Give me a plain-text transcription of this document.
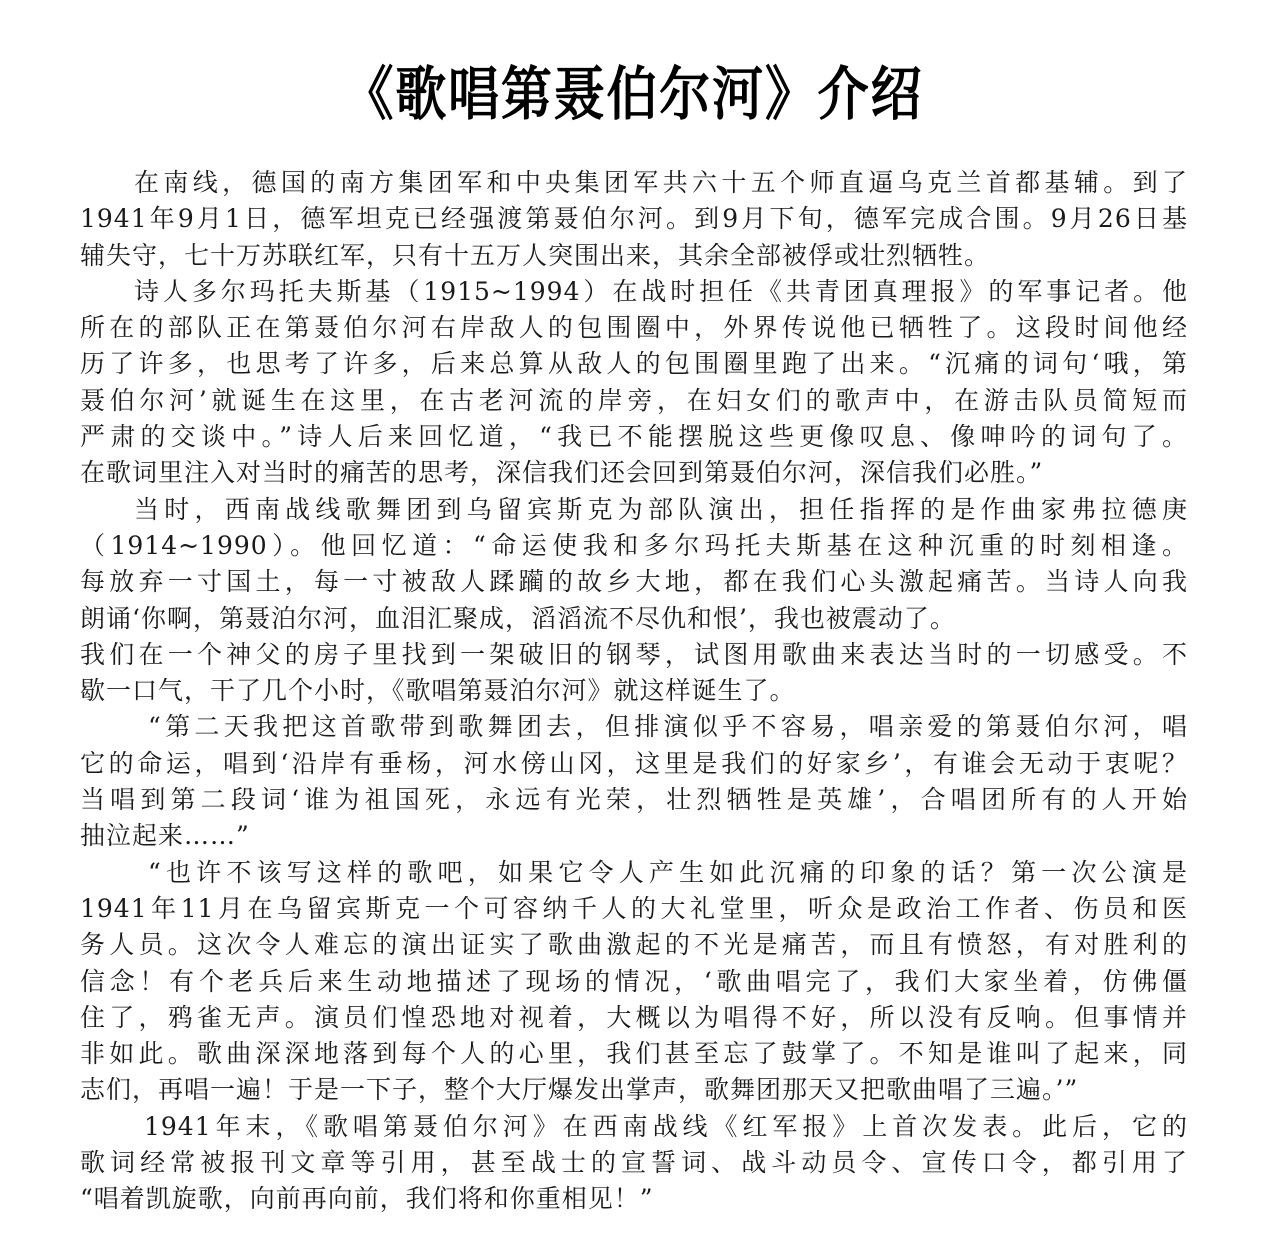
《歌唱第聂伯尔河》介绍
在南线，德国的南方集团军和中央集团军共六十五个师直逼乌克兰首都基辅。到了
1941年9月1日，德军坦克已经强渡第聂伯尔河。到9月下旬，德军完成合围。9月26日基
辅失守，七十万苏联红军，只有十五万人突围出来，其余全部被俘或壮烈牺牲。
诗人多尔玛托夫斯基（1915~1994）在战时担任《共青团真理报》的军事记者。他
所在的部队正在第聂伯尔河右岸敌人的包围圈中，外界传说他已牺牲了。这段时间他经
历了许多，也思考了许多，后来总算从敌人的包围圈里跑了出来。“沉痛的词句‘哦，第
聂伯尔河’就诞生在这里，在古老河流的岸旁，在妇女们的歌声中，在游击队员简短而
严肃的交谈中。”诗人后来回忆道，“我已不能摆脱这些更像叹息、像呻吟的词句了。
在歌词里注入对当时的痛苦的思考，深信我们还会回到第聂伯尔河，深信我们必胜。”
当时，西南战线歌舞团到乌留宾斯克为部队演出，担任指挥的是作曲家弗拉德庚
（1914~1990）。他回忆道：“命运使我和多尔玛托夫斯基在这种沉重的时刻相逢。
每放弃一寸国土，每一寸被敌人蹂躏的故乡大地，都在我们心头激起痛苦。当诗人向我
朗诵‘你啊，第聂泊尔河，血泪汇聚成，滔滔流不尽仇和恨’，我也被震动了。
我们在一个神父的房子里找到一架破旧的钢琴，试图用歌曲来表达当时的一切感受。不
歇一口气，干了几个小时，《歌唱第聂泊尔河》就这样诞生了。
“第二天我把这首歌带到歌舞团去，但排演似乎不容易，唱亲爱的第聂伯尔河，唱
它的命运，唱到‘沿岸有垂杨，河水傍山冈，这里是我们的好家乡’，有谁会无动于衷呢？
当唱到第二段词‘谁为祖国死，永远有光荣，壮烈牺牲是英雄’，合唱团所有的人开始
抽泣起来……”
“也许不该写这样的歌吧，如果它令人产生如此沉痛的印象的话？第一次公演是
1941年11月在乌留宾斯克一个可容纳千人的大礼堂里，听众是政治工作者、伤员和医
务人员。这次令人难忘的演出证实了歌曲激起的不光是痛苦，而且有愤怒，有对胜利的
信念！有个老兵后来生动地描述了现场的情况，‘歌曲唱完了，我们大家坐着，仿佛僵
住了，鸦雀无声。演员们惶恐地对视着，大概以为唱得不好，所以没有反响。但事情并
非如此。歌曲深深地落到每个人的心里，我们甚至忘了鼓掌了。不知是谁叫了起来，同
志们，再唱一遍！于是一下子，整个大厅爆发出掌声，歌舞团那天又把歌曲唱了三遍。’”
1941年末，《歌唱第聂伯尔河》在西南战线《红军报》上首次发表。此后，它的
歌词经常被报刊文章等引用，甚至战士的宣誓词、战斗动员令、宣传口令，都引用了
“唱着凯旋歌，向前再向前，我们将和你重相见！”
